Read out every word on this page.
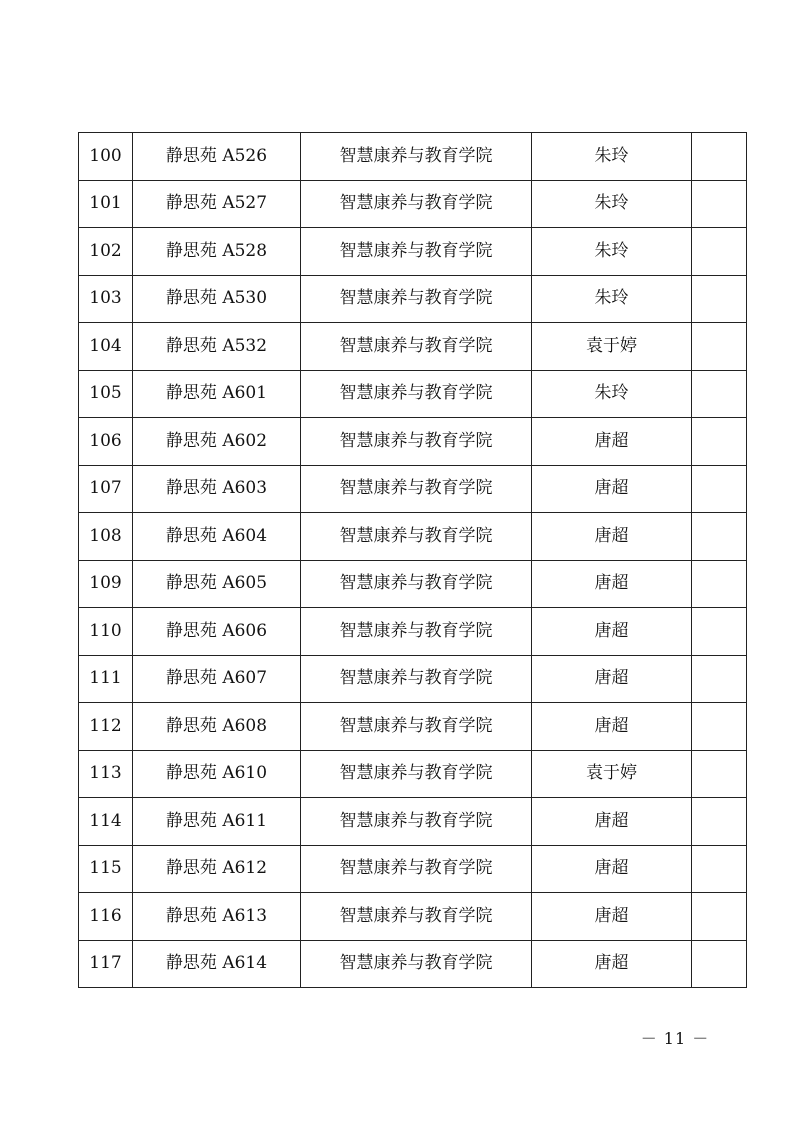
100	静思苑 A526	智慧康养与教育学院	朱玲	
101	静思苑 A527	智慧康养与教育学院	朱玲	
102	静思苑 A528	智慧康养与教育学院	朱玲	
103	静思苑 A530	智慧康养与教育学院	朱玲	
104	静思苑 A532	智慧康养与教育学院	袁于婷	
105	静思苑 A601	智慧康养与教育学院	朱玲	
106	静思苑 A602	智慧康养与教育学院	唐超	
107	静思苑 A603	智慧康养与教育学院	唐超	
108	静思苑 A604	智慧康养与教育学院	唐超	
109	静思苑 A605	智慧康养与教育学院	唐超	
110	静思苑 A606	智慧康养与教育学院	唐超	
111	静思苑 A607	智慧康养与教育学院	唐超	
112	静思苑 A608	智慧康养与教育学院	唐超	
113	静思苑 A610	智慧康养与教育学院	袁于婷	
114	静思苑 A611	智慧康养与教育学院	唐超	
115	静思苑 A612	智慧康养与教育学院	唐超	
116	静思苑 A613	智慧康养与教育学院	唐超	
117	静思苑 A614	智慧康养与教育学院	唐超	
－ 11 －
